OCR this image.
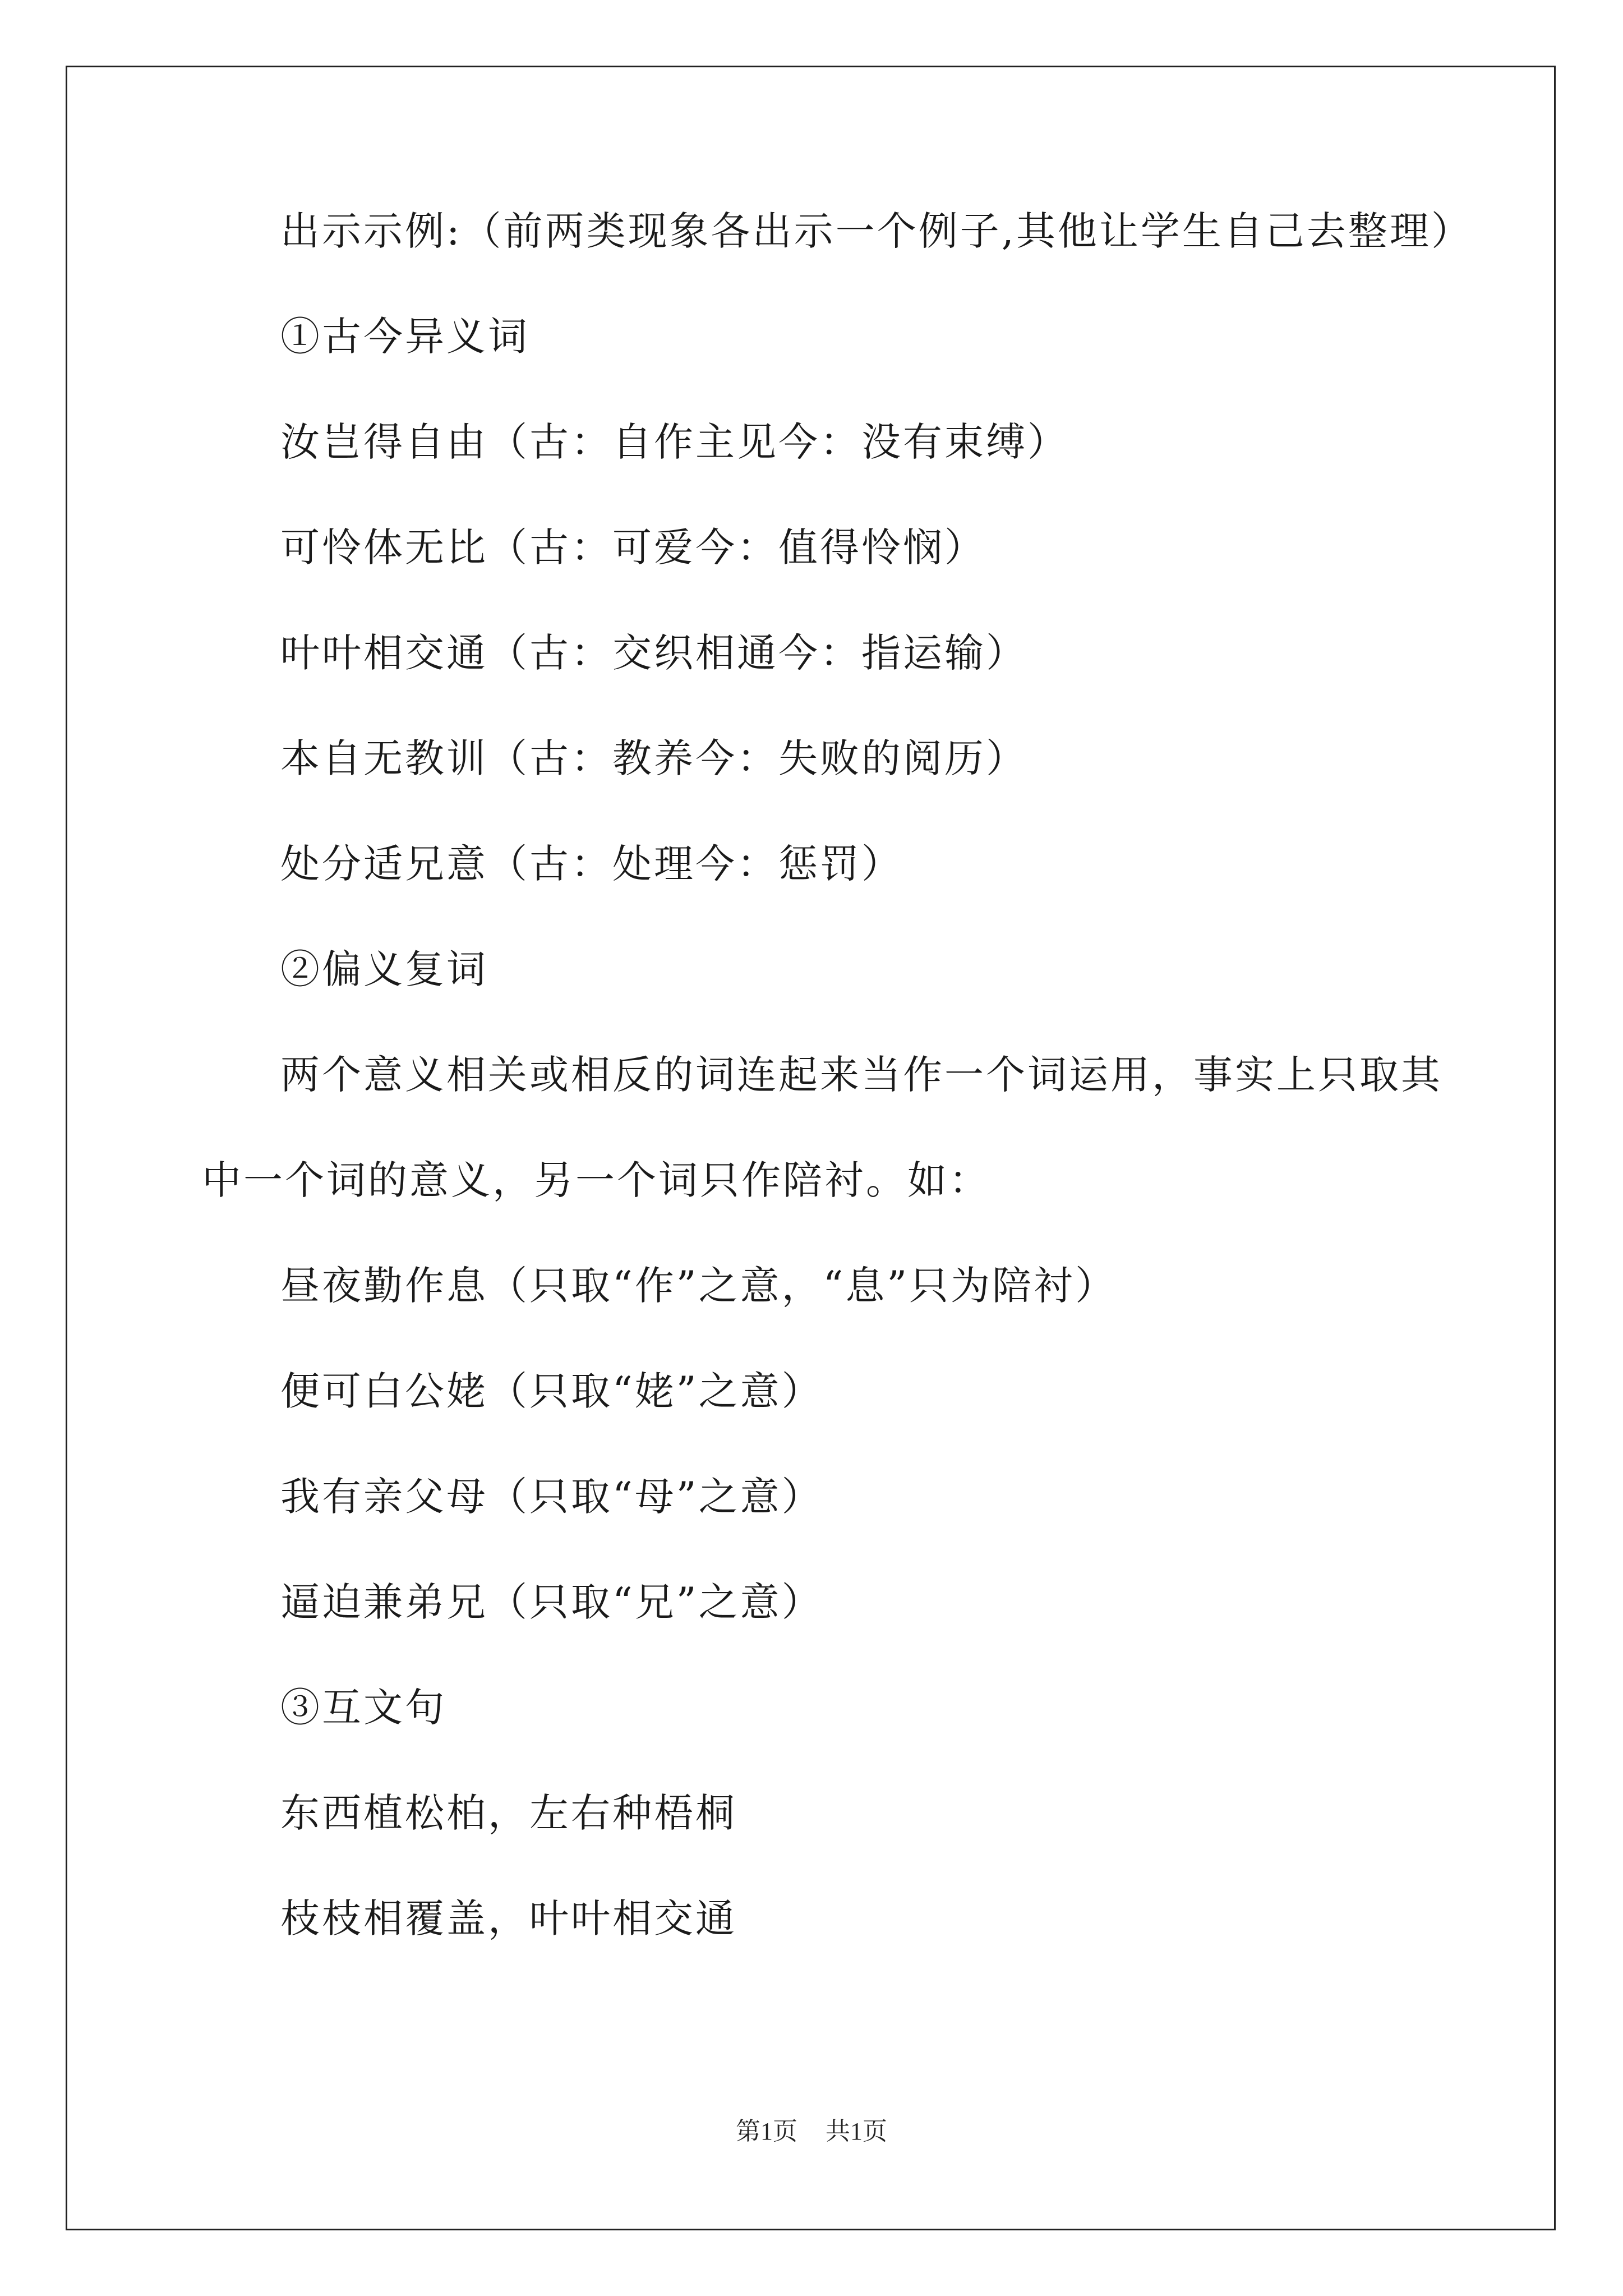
出示示例:（前两类现象各出示一个例子,其他让学生自己去整理）
①古今异义词
汝岂得自由（古：自作主见今：没有束缚）
可怜体无比（古：可爱今：值得怜悯）
叶叶相交通（古：交织相通今：指运输）
本自无教训（古：教养今：失败的阅历）
处分适兄意（古：处理今：惩罚）
②偏义复词
两个意义相关或相反的词连起来当作一个词运用，事实上只取其
中一个词的意义，另一个词只作陪衬。如：
昼夜勤作息（只取“作”之意，“息”只为陪衬）
便可白公姥（只取“姥”之意）
我有亲父母（只取“母”之意）
逼迫兼弟兄（只取“兄”之意）
③互文句
东西植松柏，左右种梧桐
枝枝相覆盖，叶叶相交通
第1页 共1页
